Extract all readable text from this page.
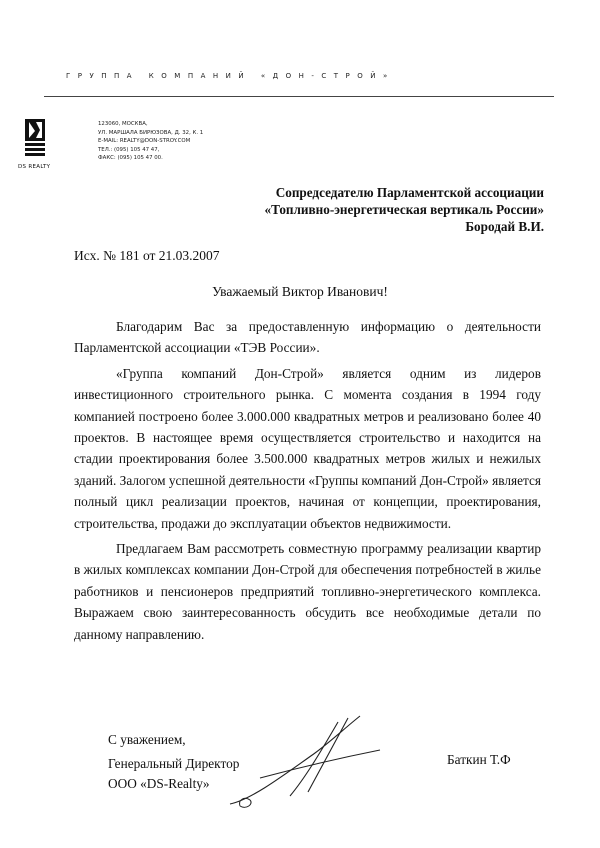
ГРУППА КОМПАНИЙ «ДОН-СТРОЙ»
DS REALTY
123060, МОСКВА,
УЛ. МАРШАЛА БИРЮЗОВА, Д. 32, К. 1
E-MAIL: REALTY@DON-STROY.COM
ТЕЛ.: (095) 105 47 47,
ФАКС: (095) 105 47 00.
Сопредседателю Парламентской ассоциации
«Топливно-энергетическая вертикаль России»
Бородай В.И.
Исх. № 181 от 21.03.2007
Уважаемый Виктор Иванович!

Благодарим Вас за предоставленную информацию о деятельности Парламентской ассоциации «ТЭВ России».

«Группа компаний Дон-Строй» является одним из лидеров инвестиционного строительного рынка. С момента создания в 1994 году компанией построено более 3.000.000 квадратных метров и реализовано более 40 проектов. В настоящее время осуществляется строительство и находится на стадии проектирования более 3.500.000 квадратных метров жилых и нежилых зданий. Залогом успешной деятельности «Группы компаний Дон-Строй» является полный цикл реализации проектов, начиная от концепции, проектирования, строительства, продажи до эксплуатации объектов недвижимости.

Предлагаем Вам рассмотреть совместную программу реализации квартир в жилых комплексах компании Дон-Строй для обеспечения потребностей в жилье работников и пенсионеров предприятий топливно-энергетического комплекса. Выражаем свою заинтересованность обсудить все необходимые детали по данному направлению.

С уважением,
Генеральный Директор
ООО «DS-Realty»
Баткин Т.Ф
